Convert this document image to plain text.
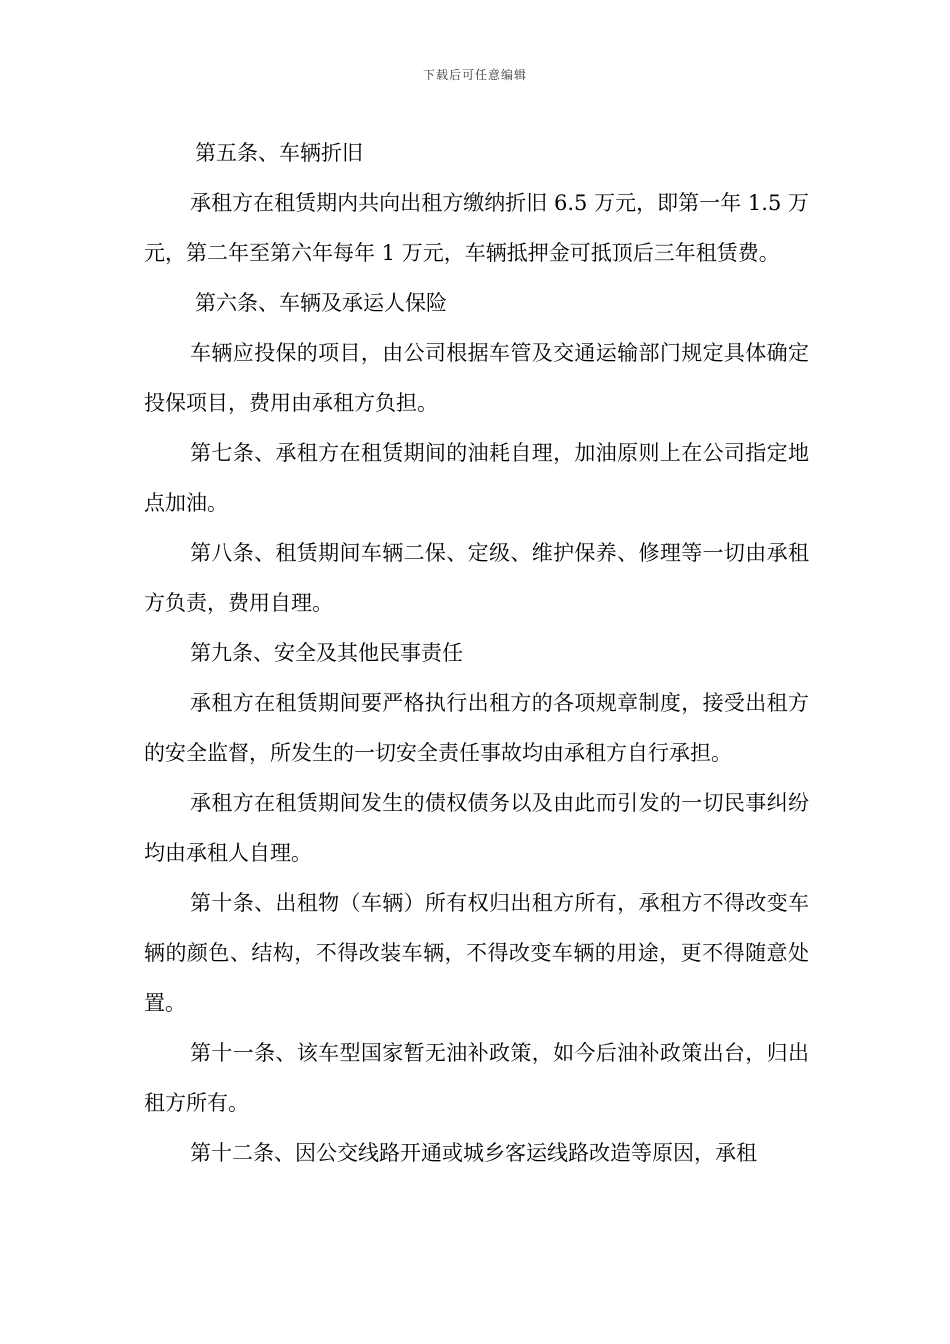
下载后可任意编辑

第五条、车辆折旧

承租方在租赁期内共向出租方缴纳折旧 6.5 万元，即第一年 1.5 万元，第二年至第六年每年 1 万元，车辆抵押金可抵顶后三年租赁费。

第六条、车辆及承运人保险

车辆应投保的项目，由公司根据车管及交通运输部门规定具体确定投保项目，费用由承租方负担。

第七条、承租方在租赁期间的油耗自理，加油原则上在公司指定地点加油。

第八条、租赁期间车辆二保、定级、维护保养、修理等一切由承租方负责，费用自理。

第九条、安全及其他民事责任

承租方在租赁期间要严格执行出租方的各项规章制度，接受出租方的安全监督，所发生的一切安全责任事故均由承租方自行承担。

承租方在租赁期间发生的债权债务以及由此而引发的一切民事纠纷均由承租人自理。

第十条、出租物（车辆）所有权归出租方所有，承租方不得改变车辆的颜色、结构，不得改装车辆，不得改变车辆的用途，更不得随意处置。

第十一条、该车型国家暂无油补政策，如今后油补政策出台，归出租方所有。

第十二条、因公交线路开通或城乡客运线路改造等原因，承租
